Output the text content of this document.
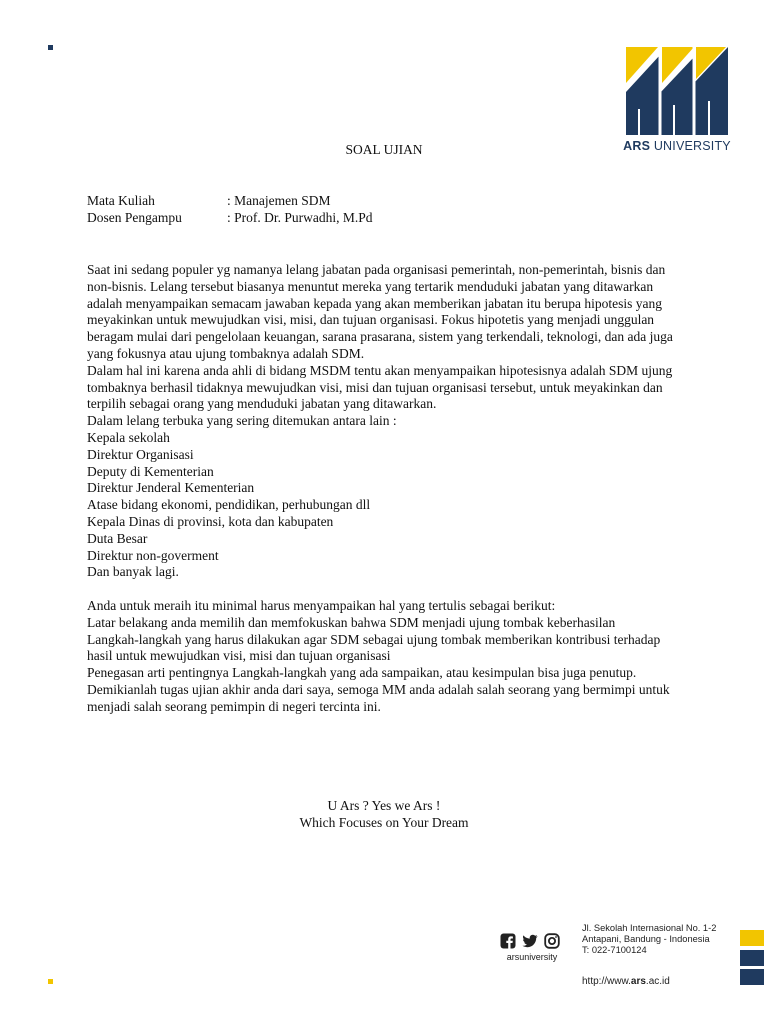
ARS UNIVERSITY
SOAL UJIAN
Mata Kuliah	: Manajemen SDM
Dosen Pengampu	: Prof. Dr. Purwadhi, M.Pd

Saat ini sedang populer yg namanya lelang jabatan pada organisasi pemerintah, non-pemerintah, bisnis dan non-bisnis. Lelang tersebut biasanya menuntut mereka yang tertarik menduduki jabatan yang ditawarkan adalah menyampaikan semacam jawaban kepada yang akan memberikan jabatan itu berupa hipotesis yang meyakinkan untuk mewujudkan visi, misi, dan tujuan organisasi. Fokus hipotetis yang menjadi unggulan beragam mulai dari pengelolaan keuangan, sarana prasarana, sistem yang terkendali, teknologi, dan ada juga yang fokusnya atau ujung tombaknya adalah SDM.

Dalam hal ini karena anda ahli di bidang MSDM tentu akan menyampaikan hipotesisnya adalah SDM ujung tombaknya berhasil tidaknya mewujudkan visi, misi dan tujuan organisasi tersebut, untuk meyakinkan dan terpilih sebagai orang yang menduduki jabatan yang ditawarkan.

Dalam lelang terbuka yang sering ditemukan antara lain :

Kepala sekolah

Direktur Organisasi

Deputy di Kementerian

Direktur Jenderal Kementerian

Atase bidang ekonomi, pendidikan, perhubungan dll

Kepala Dinas di provinsi, kota dan kabupaten

Duta Besar

Direktur non-goverment

Dan banyak lagi.

Anda untuk meraih itu minimal harus menyampaikan hal yang tertulis sebagai berikut:

Latar belakang anda memilih dan memfokuskan bahwa SDM menjadi ujung tombak keberhasilan

Langkah-langkah yang harus dilakukan agar SDM sebagai ujung tombak memberikan kontribusi terhadap hasil untuk mewujudkan visi, misi dan tujuan organisasi

Penegasan arti pentingnya Langkah-langkah yang ada sampaikan, atau kesimpulan bisa juga penutup.

Demikianlah tugas ujian akhir anda dari saya, semoga MM anda adalah salah seorang yang bermimpi untuk menjadi salah seorang pemimpin di negeri tercinta ini.

U Ars ? Yes we Ars !
Which Focuses on Your Dream
arsuniversity
Jl. Sekolah Internasional No. 1-2
Antapani, Bandung - Indonesia
T: 022-7100124
http://www.ars.ac.id
